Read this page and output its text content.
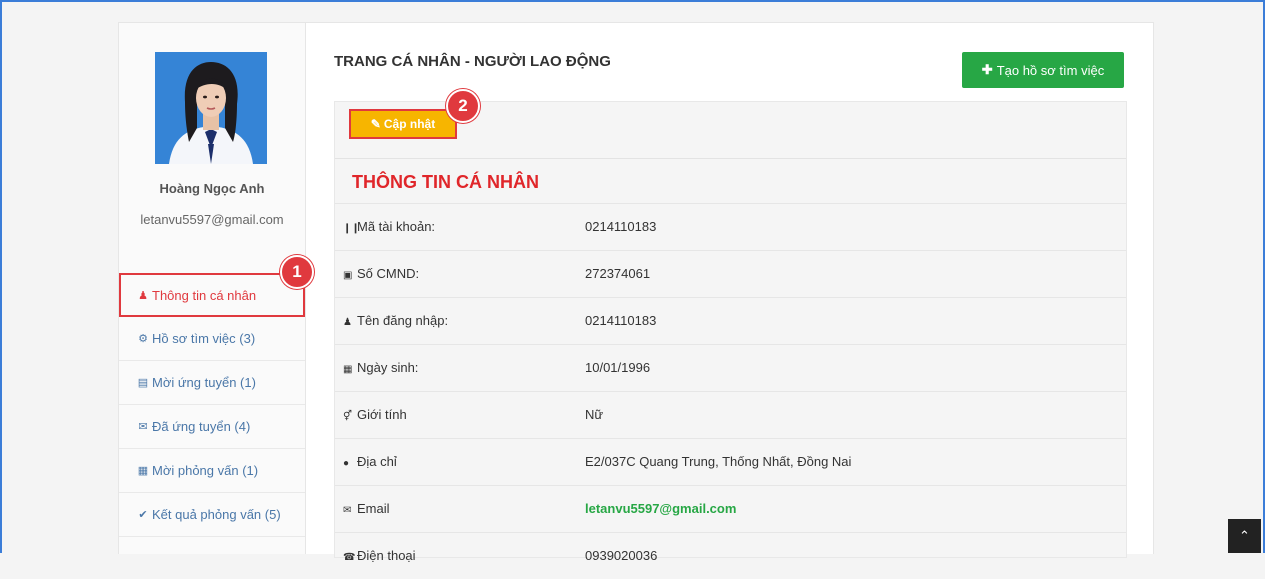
Hoàng Ngọc Anh
letanvu5597@gmail.com
♟ Thông tin cá nhân
⚙ Hồ sơ tìm việc (3)
▤ Mời ứng tuyển (1)
✉ Đã ứng tuyển (4)
▦ Mời phỏng vấn (1)
✔ Kết quả phỏng vấn (5)
TRANG CÁ NHÂN - NGƯỜI LAO ĐỘNG	✚ Tạo hồ sơ tìm việc
✎ Cập nhật
THÔNG TIN CÁ NHÂN
❙❙Mã tài khoản:	0214110183
▣ Số CMND:	272374061
♟ Tên đăng nhập:	0214110183
▦ Ngày sinh:	10/01/1996
⚥ Giới tính	Nữ
● Địa chỉ	E2/037C Quang Trung, Thống Nhất, Đồng Nai
✉ Email	letanvu5597@gmail.com
☎ Điện thoại	0939020036
1
2
⌃
